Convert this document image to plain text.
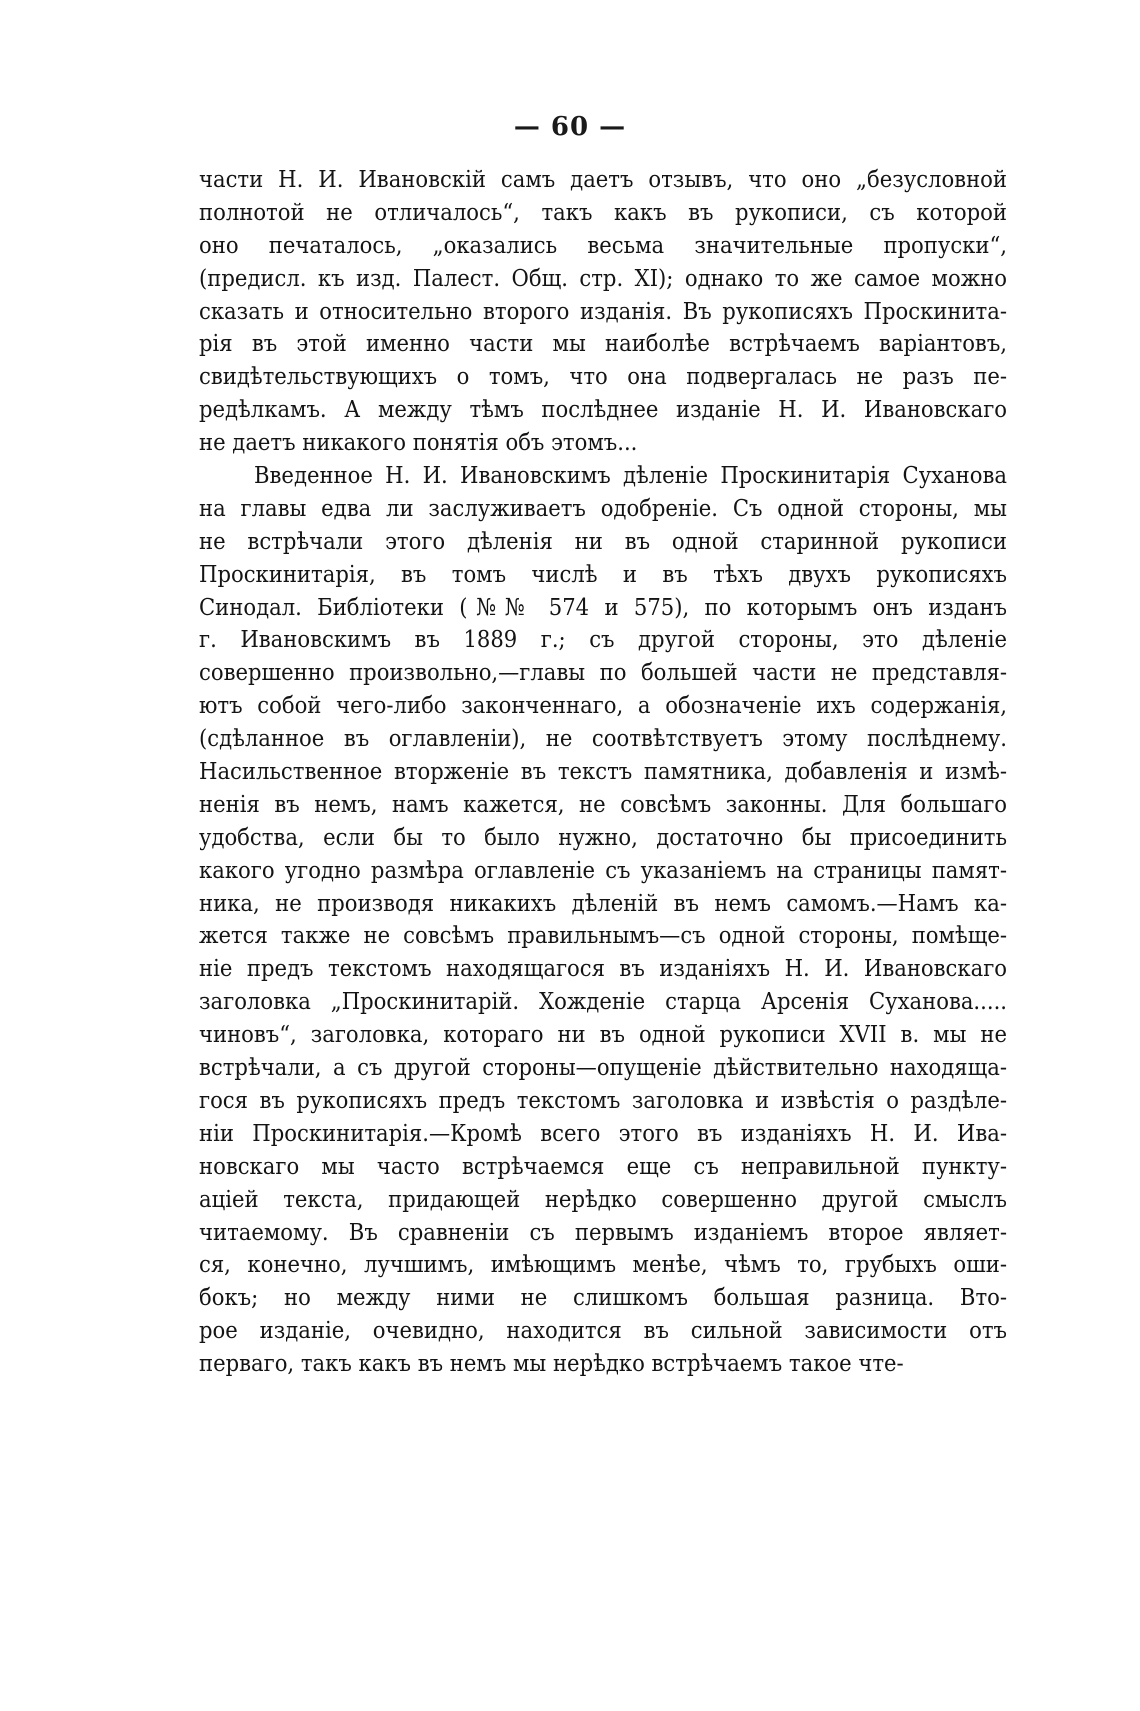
— 60 —
части Н. И. Ивановскій самъ даетъ отзывъ, что оно „безусловной
полнотой не отличалось“, такъ какъ въ рукописи, съ которой
оно печаталось, „оказались весьма значительные пропуски“,
(предисл. къ изд. Палест. Общ. стр. XI); однако то же самое можно
сказать и относительно второго изданія. Въ рукописяхъ Проскинита-
рія въ этой именно части мы наиболѣе встрѣчаемъ варіантовъ,
свидѣтельствующихъ о томъ, что она подвергалась не разъ пе-
редѣлкамъ. А между тѣмъ послѣднее изданіе Н. И. Ивановскаго
не даетъ никакого понятія объ этомъ...
Введенное Н. И. Ивановскимъ дѣленіе Проскинитарія Суханова
на главы едва ли заслуживаетъ одобреніе. Съ одной стороны, мы
не встрѣчали этого дѣленія ни въ одной старинной рукописи
Проскинитарія, въ томъ числѣ и въ тѣхъ двухъ рукописяхъ
Синодал. Библіотеки (№№ 574 и 575), по которымъ онъ изданъ
г. Ивановскимъ въ 1889 г.; съ другой стороны, это дѣленіе
совершенно произвольно,—главы по большей части не представля-
ютъ собой чего-либо законченнаго, а обозначеніе ихъ содержанія,
(сдѣланное въ оглавленіи), не соотвѣтствуетъ этому послѣднему.
Насильственное вторженіе въ текстъ памятника, добавленія и измѣ-
ненія въ немъ, намъ кажется, не совсѣмъ законны. Для большаго
удобства, если бы то было нужно, достаточно бы присоединить
какого угодно размѣра оглавленіе съ указаніемъ на страницы памят-
ника, не производя никакихъ дѣленій въ немъ самомъ.—Намъ ка-
жется также не совсѣмъ правильнымъ—съ одной стороны, помѣще-
ніе предъ текстомъ находящагося въ изданіяхъ Н. И. Ивановскаго
заголовка „Проскинитарій. Хожденіе старца Арсенія Суханова.....
чиновъ“, заголовка, котораго ни въ одной рукописи XVII в. мы не
встрѣчали, а съ другой стороны—опущеніе дѣйствительно находяща-
гося въ рукописяхъ предъ текстомъ заголовка и извѣстія о раздѣле-
ніи Проскинитарія.—Кромѣ всего этого въ изданіяхъ Н. И. Ива-
новскаго мы часто встрѣчаемся еще съ неправильной пункту-
аціей текста, придающей нерѣдко совершенно другой смыслъ
читаемому. Въ сравненіи съ первымъ изданіемъ второе являет-
ся, конечно, лучшимъ, имѣющимъ менѣе, чѣмъ то, грубыхъ оши-
бокъ; но между ними не слишкомъ большая разница. Вто-
рое изданіе, очевидно, находится въ сильной зависимости отъ
перваго, такъ какъ въ немъ мы нерѣдко встрѣчаемъ такое чте-
